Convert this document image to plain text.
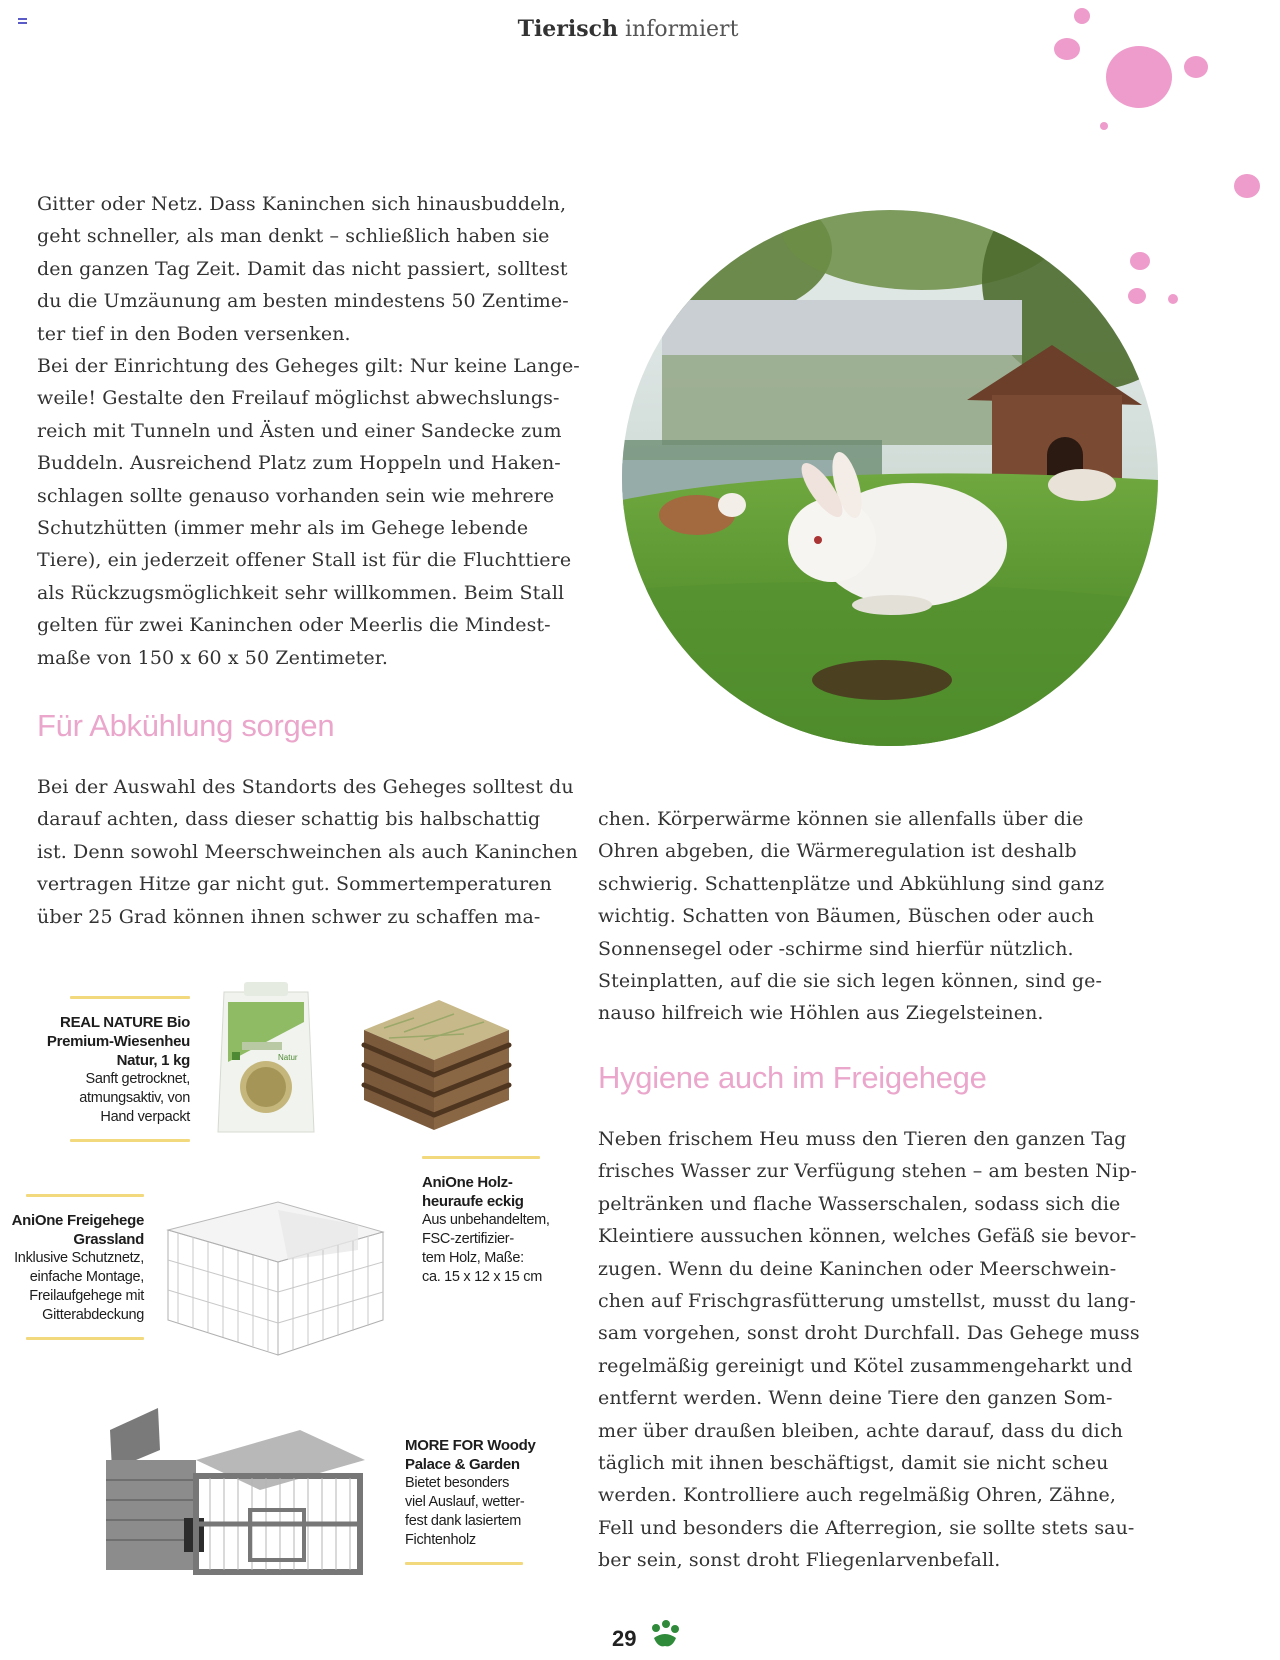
Tierisch informiert

Gitter oder Netz. Dass Kaninchen sich hinausbuddeln,

geht schneller, als man denkt – schließlich haben sie

den ganzen Tag Zeit. Damit das nicht passiert, solltest

du die Umzäunung am besten mindestens 50 Zentime-

ter tief in den Boden versenken.

Bei der Einrichtung des Geheges gilt: Nur keine Lange-

weile! Gestalte den Freilauf möglichst abwechslungs-

reich mit Tunneln und Ästen und einer Sandecke zum

Buddeln. Ausreichend Platz zum Hoppeln und Haken-

schlagen sollte genauso vorhanden sein wie mehrere

Schutzhütten (immer mehr als im Gehege lebende

Tiere), ein jederzeit offener Stall ist für die Fluchttiere

als Rückzugsmöglichkeit sehr willkommen. Beim Stall

gelten für zwei Kaninchen oder Meerlis die Mindest-

maße von 150 x 60 x 50 Zentimeter.

Für Abkühlung sorgen

Bei der Auswahl des Standorts des Geheges solltest du

darauf achten, dass dieser schattig bis halbschattig

ist. Denn sowohl Meerschweinchen als auch Kaninchen

vertragen Hitze gar nicht gut. Sommertemperaturen

über 25 Grad können ihnen schwer zu schaffen ma-

chen. Körperwärme können sie allenfalls über die

Ohren abgeben, die Wärmeregulation ist deshalb

schwierig. Schattenplätze und Abkühlung sind ganz

wichtig. Schatten von Bäumen, Büschen oder auch

Sonnensegel oder -schirme sind hierfür nützlich.

Steinplatten, auf die sie sich legen können, sind ge-

nauso hilfreich wie Höhlen aus Ziegelsteinen.

Hygiene auch im Freigehege

Neben frischem Heu muss den Tieren den ganzen Tag

frisches Wasser zur Verfügung stehen – am besten Nip-

peltränken und flache Wasserschalen, sodass sich die

Kleintiere aussuchen können, welches Gefäß sie bevor-

zugen. Wenn du deine Kaninchen oder Meerschwein-

chen auf Frischgrasfütterung umstellst, musst du lang-

sam vorgehen, sonst droht Durchfall. Das Gehege muss

regelmäßig gereinigt und Kötel zusammengeharkt und

entfernt werden. Wenn deine Tiere den ganzen Som-

mer über draußen bleiben, achte darauf, dass du dich

täglich mit ihnen beschäftigst, damit sie nicht scheu

werden. Kontrolliere auch regelmäßig Ohren, Zähne,

Fell und besonders die Afterregion, sie sollte stets sau-

ber sein, sonst droht Fliegenlarvenbefall.

REAL NATURE Bio
Premium-Wiesenheu
Natur, 1 kg
Sanft getrocknet,
atmungsaktiv, von
Hand verpackt
Natur
AniOne Holz-
heuraufe eckig
Aus unbehandeltem,
FSC-zertifizier-
tem Holz, Maße:
ca. 15 x 12 x 15 cm
AniOne Freigehege
Grassland
Inklusive Schutznetz,
einfache Montage,
Freilaufgehege mit
Gitterabdeckung
MORE FOR Woody
Palace & Garden
Bietet besonders
viel Auslauf, wetter-
fest dank lasiertem
Fichtenholz
29
